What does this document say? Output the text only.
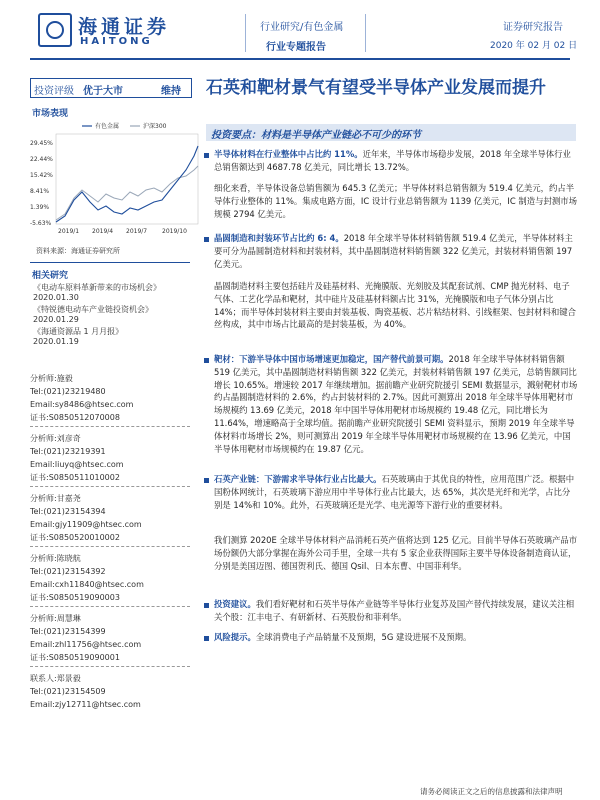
海通证券
HAITONG
行业研究/有色金属
行业专题报告
证券研究报告
2020 年 02 月 02 日
投资评级 优于大市	维持
市场表现
有色金属	沪深300
29.45%
22.44%
15.42%
8.41%
1.39%
-5.63%
2019/1 2019/4 2019/7 2019/10
资料来源：海通证券研究所
相关研究
《电动车原料革新带来的市场机会》
2020.01.30
《特锐德电动车产业链投资机会》
2020.01.29
《海通资源品 1 月月报》
2020.01.19
分析师:施毅
Tel:(021)23219480
Email:sy8486@htsec.com
证书:S0850512070008
分析师:刘彦奇
Tel:(021)23219391
Email:liuyq@htsec.com
证书:S0850511010002
分析师:甘嘉尧
Tel:(021)23154394
Email:gjy11909@htsec.com
证书:S0850520010002
分析师:陈晓航
Tel:(021)23154392
Email:cxh11840@htsec.com
证书:S0850519090003
分析师:周慧琳
Tel:(021)23154399
Email:zhl11756@htsec.com
证书:S0850519090001
联系人:郑景毅
Tel:(021)23154509
Email:zjy12711@htsec.com
石英和靶材景气有望受半导体产业发展而提升
投资要点：材料是半导体产业链必不可少的环节
半导体材料在行业整体中占比约 11%。近年来，半导体市场稳步发展，2018 年全球半导体行业总销售额达到 4687.78 亿美元，同比增长 13.72%。
细化来看，半导体设备总销售额为 645.3 亿美元；半导体材料总销售额为 519.4 亿美元，约占半导体行业整体的 11%。集成电路方面，IC 设计行业总销售额为 1139 亿美元，IC 制造与封测市场规模 2794 亿美元。
晶圆制造和封装环节占比约 6: 4。2018 年全球半导体材料销售额 519.4 亿美元，半导体材料主要可分为晶圆制造材料和封装材料，其中晶圆制造材料销售额 322 亿美元，封装材料销售额 197 亿美元。
晶圆制造材料主要包括硅片及硅基材料、光掩膜版、光刻胶及其配套试剂、CMP 抛光材料、电子气体、工艺化学品和靶材，其中硅片及硅基材料额占比 31%，光掩膜版和电子气体分别占比 14%；而半导体封装材料主要由封装基板、陶瓷基板、芯片粘结材料、引线框架、包封材料和键合丝构成，其中市场占比最高的是封装基板，为 40%。
靶材：下游半导体中国市场增速更加稳定，国产替代前景可期。2018 年全球半导体材料销售额 519 亿美元，其中晶圆制造材料销售额 322 亿美元，封装材料销售额 197 亿美元，总销售额同比增长 10.65%。增速较 2017 年继续增加。据前瞻产业研究院援引 SEMI 数据显示，溅射靶材市场约占晶圆制造材料的 2.6%，约占封装材料的 2.7%。因此可测算出 2018 年全球半导体用靶材市场规模约 13.69 亿美元，2018 年中国半导体用靶材市场规模约 19.48 亿元，同比增长为 11.64%，增速略高于全球均值。据前瞻产业研究院援引 SEMI 资料显示，预期 2019 年全球半导体材料市场增长 2%，则可测算出 2019 年全球半导体用靶材市场规模约在 13.96 亿美元，中国半导体用靶材市场规模约在 19.87 亿元。
石英产业链：下游需求半导体行业占比最大。石英玻璃由于其优良的特性，应用范围广泛。根据中国粉体网统计，石英玻璃下游应用中半导体行业占比最大，达 65%，其次是光纤和光学，占比分别是 14%和 10%。此外，石英玻璃还是光学、电光源等下游行业的重要材料。
我们测算 2020E 全球半导体材料产品消耗石英产值将达到 125 亿元。目前半导体石英玻璃产品市场份额仍大部分掌握在海外公司手里，全球一共有 5 家企业获得国际主要半导体设备制造商认证，分别是美国迈图、德国贺利氏、德国 Qsil、日本东曹、中国菲利华。
投资建议。我们看好靶材和石英半导体产业链等半导体行业复苏及国产替代持续发展，建议关注相关个股：江丰电子、有研新材、石英股份和菲利华。
风险提示。全球消费电子产品销量不及预期，5G 建设进展不及预期。
请务必阅读正文之后的信息披露和法律声明
